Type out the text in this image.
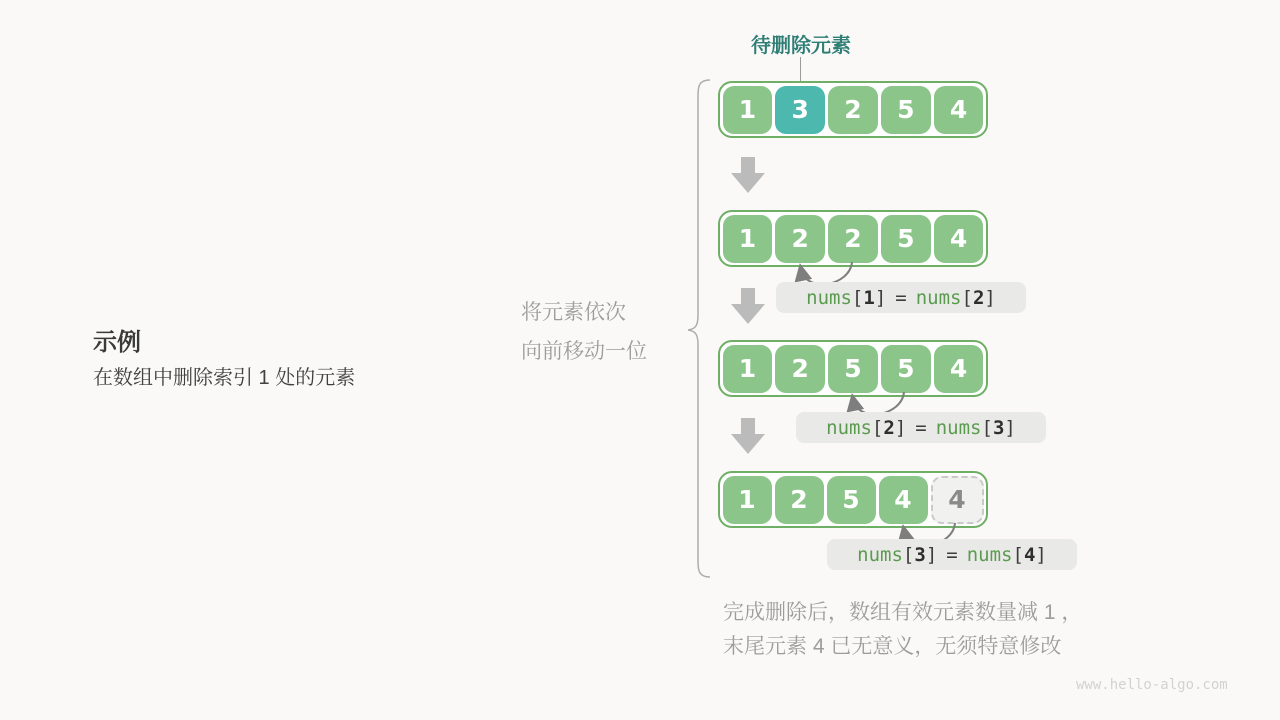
示例
在数组中删除索引 1 处的元素
将元素依次
向前移动一位
待删除元素
1	3	2	5	4
1	2	2	5	4
nums [ 1 ] = nums [ 2 ]
1	2	5	5	4
nums [ 2 ] = nums [ 3 ]
1	2	5	4	4
nums [ 3 ] = nums [ 4 ]
完成删除后，数组有效元素数量减 1 ，
末尾元素 4 已无意义，无须特意修改
www.hello-algo.com
